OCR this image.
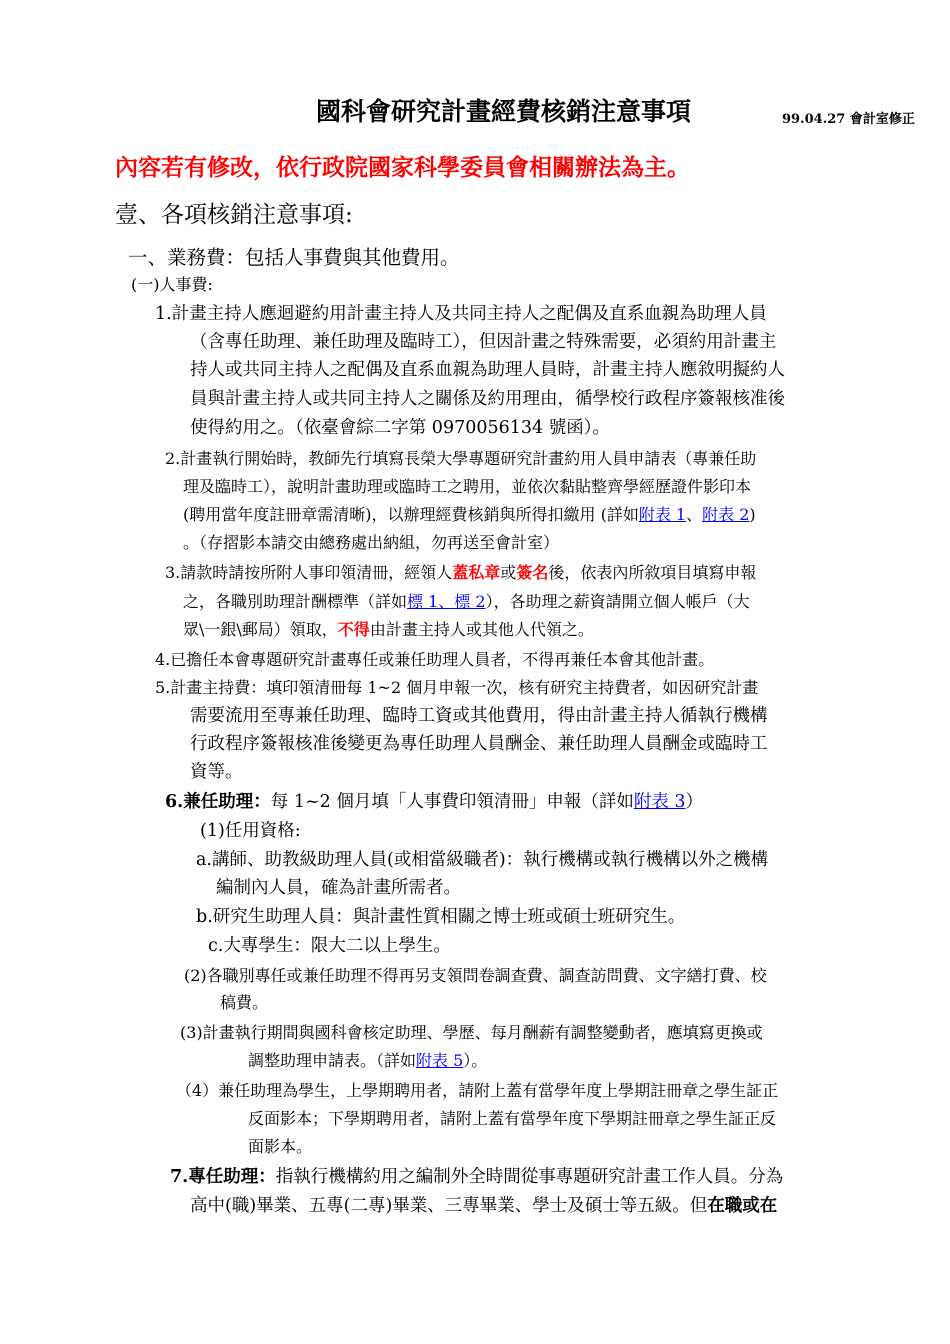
國科會研究計畫經費核銷注意事項	99.04.27 會計室修正
內容若有修改，依行政院國家科學委員會相關辦法為主。
壹、各項核銷注意事項:
一、業務費：包括人事費與其他費用。
(一)人事費:
1.計畫主持人應迴避約用計畫主持人及共同主持人之配偶及直系血親為助理人員
（含專任助理、兼任助理及臨時工），但因計畫之特殊需要，必須約用計畫主
持人或共同主持人之配偶及直系血親為助理人員時，計畫主持人應敘明擬約人
員與計畫主持人或共同主持人之關係及約用理由，循學校行政程序簽報核准後
使得約用之。（依臺會綜二字第 0970056134 號函）。
2.計畫執行開始時，教師先行填寫長榮大學專題研究計畫約用人員申請表（專兼任助
理及臨時工），說明計畫助理或臨時工之聘用，並依次黏貼整齊學經歷證件影印本
(聘用當年度註冊章需清晰)，以辦理經費核銷與所得扣繳用 (詳如附表 1、附表 2)
。（存摺影本請交由總務處出納組，勿再送至會計室）
3.請款時請按所附人事印領清冊，經領人蓋私章或簽名後，依表內所敘項目填寫申報
之，各職別助理計酬標準（詳如標 1、標 2），各助理之薪資請開立個人帳戶（大
眾\一銀\郵局）領取，不得由計畫主持人或其他人代領之。
4.已擔任本會專題研究計畫專任或兼任助理人員者，不得再兼任本會其他計畫。
5.計畫主持費：填印領清冊每 1~2 個月申報一次，核有研究主持費者，如因研究計畫
需要流用至專兼任助理、臨時工資或其他費用，得由計畫主持人循執行機構
行政程序簽報核准後變更為專任助理人員酬金、兼任助理人員酬金或臨時工
資等。
6.兼任助理：每 1~2 個月填「人事費印領清冊」申報（詳如附表 3）
(1)任用資格:
a.講師、助教級助理人員(或相當級職者)：執行機構或執行機構以外之機構
編制內人員，確為計畫所需者。
b.研究生助理人員：與計畫性質相關之博士班或碩士班研究生。
c.大專學生：限大二以上學生。
(2)各職別專任或兼任助理不得再另支領問卷調查費、調查訪問費、文字繕打費、校
稿費。
(3)計畫執行期間與國科會核定助理、學歷、每月酬薪有調整變動者，應填寫更換或
調整助理申請表。（詳如附表 5）。
（4）兼任助理為學生，上學期聘用者，請附上蓋有當學年度上學期註冊章之學生証正
反面影本；下學期聘用者，請附上蓋有當學年度下學期註冊章之學生証正反
面影本。
7.專任助理：指執行機構約用之編制外全時間從事專題研究計畫工作人員。分為
高中(職)畢業、五專(二專)畢業、三專畢業、學士及碩士等五級。但在職或在
